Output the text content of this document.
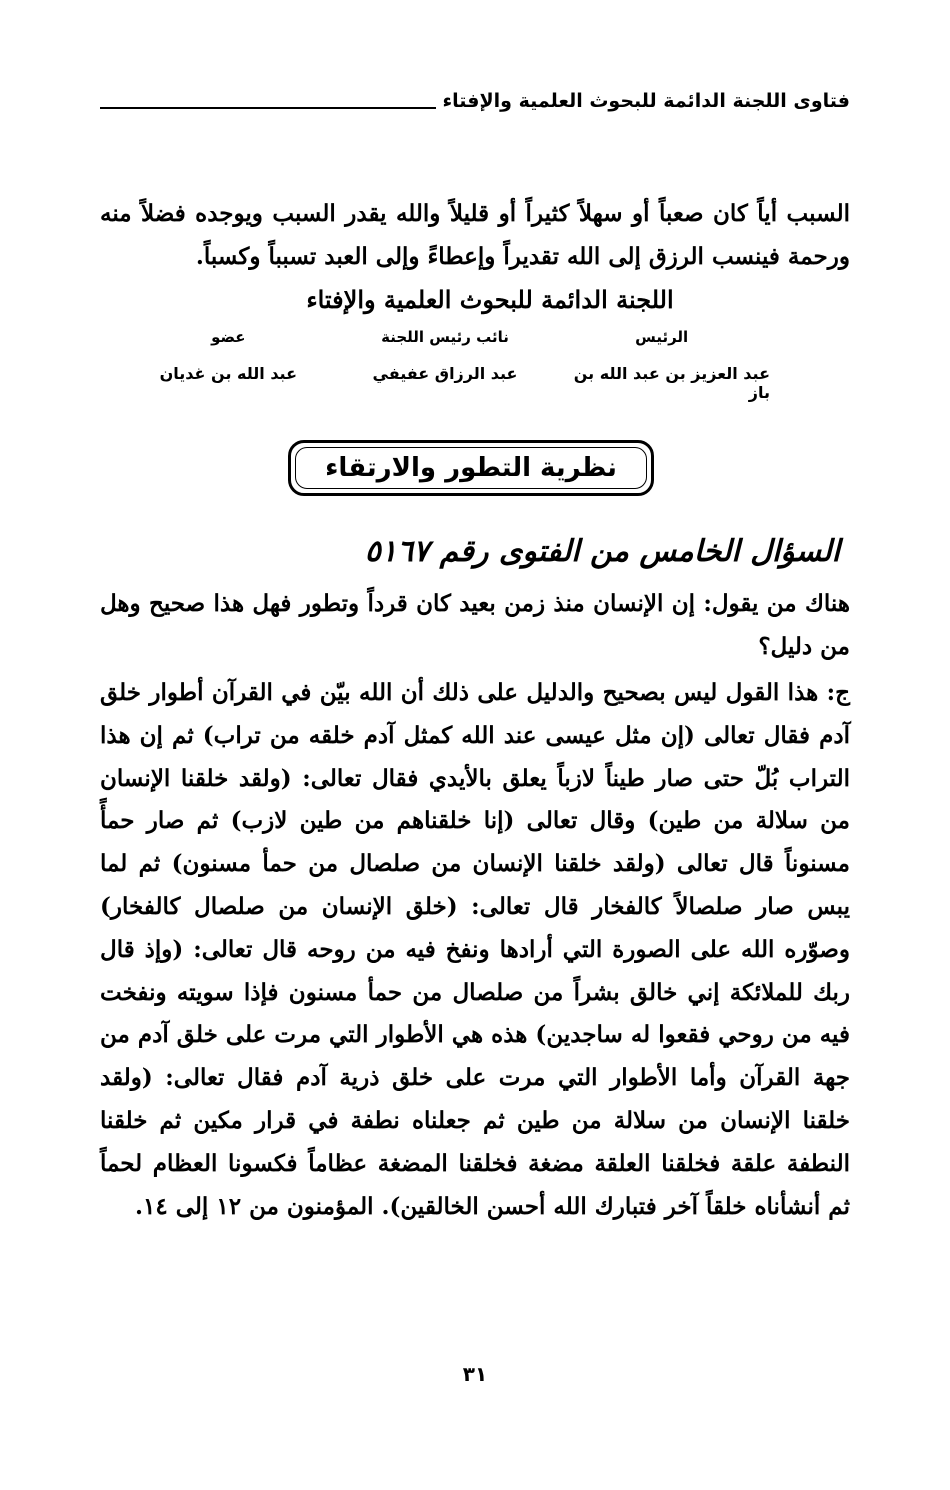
فتاوى اللجنة الدائمة للبحوث العلمية والإفتاء
السبب أياً كان صعباً أو سهلاً كثيراً أو قليلاً والله يقدر السبب ويوجده فضلاً منه ورحمة فينسب الرزق إلى الله تقديراً وإعطاءً وإلى العبد تسبباً وكسباً.
اللجنة الدائمة للبحوث العلمية والإفتاء
الرئيس
عبد العزيز بن عبد الله بن باز
نائب رئيس اللجنة
عبد الرزاق عفيفي
عضو
عبد الله بن غديان
نظرية التطور والارتقاء
السؤال الخامس من الفتوى رقم ٥١٦٧
هناك من يقول: إن الإنسان منذ زمن بعيد كان قرداً وتطور فهل هذا صحيح وهل من دليل؟
ج: هذا القول ليس بصحيح والدليل على ذلك أن الله بيّن في القرآن أطوار خلق آدم فقال تعالى (إن مثل عيسى عند الله كمثل آدم خلقه من تراب) ثم إن هذا التراب بُلّ حتى صار طيناً لازباً يعلق بالأيدي فقال تعالى: (ولقد خلقنا الإنسان من سلالة من طين) وقال تعالى (إنا خلقناهم من طين لازب) ثم صار حمأً مسنوناً قال تعالى (ولقد خلقنا الإنسان من صلصال من حمأ مسنون) ثم لما يبس صار صلصالاً كالفخار قال تعالى: (خلق الإنسان من صلصال كالفخار) وصوّره الله على الصورة التي أرادها ونفخ فيه من روحه قال تعالى: (وإذ قال ربك للملائكة إني خالق بشراً من صلصال من حمأ مسنون فإذا سويته ونفخت فيه من روحي فقعوا له ساجدين) هذه هي الأطوار التي مرت على خلق آدم من جهة القرآن وأما الأطوار التي مرت على خلق ذرية آدم فقال تعالى: (ولقد خلقنا الإنسان من سلالة من طين ثم جعلناه نطفة في قرار مكين ثم خلقنا النطفة علقة فخلقنا العلقة مضغة فخلقنا المضغة عظاماً فكسونا العظام لحماً ثم أنشأناه خلقاً آخر فتبارك الله أحسن الخالقين). المؤمنون من ١٢ إلى ١٤.
٣١
